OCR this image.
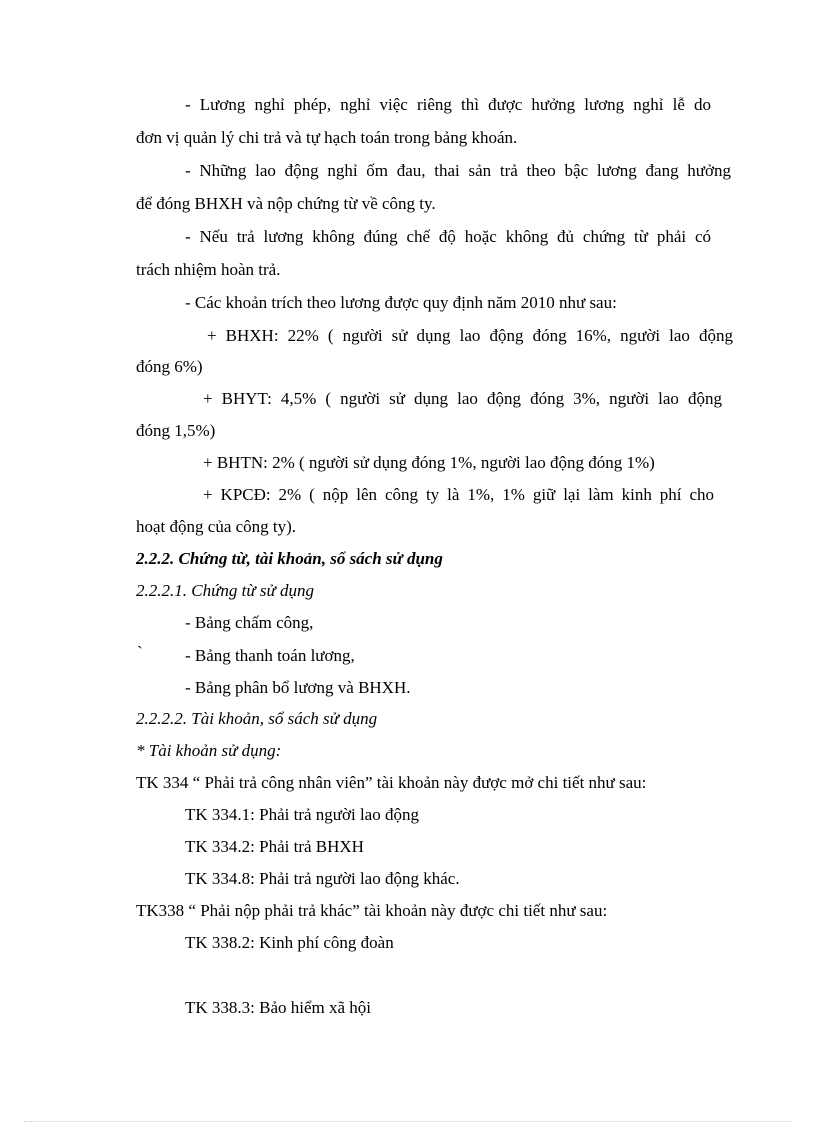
- Lương nghỉ phép, nghỉ việc riêng thì được hưởng lương nghỉ lễ do
đơn vị quản lý chi trả và tự hạch toán trong bảng khoán.
- Những lao động nghỉ ốm đau, thai sản trả theo bậc lương đang hưởng
để đóng BHXH và nộp chứng từ về công ty.
- Nếu trả lương không đúng chế độ hoặc không đủ chứng từ phải có
trách nhiệm hoàn trả.
- Các khoản trích theo lương được quy định năm 2010 như sau:
+ BHXH: 22% ( người sử dụng lao động đóng 16%, người lao động
đóng 6%)
+ BHYT: 4,5% ( người sử dụng lao động đóng 3%, người lao động
đóng 1,5%)
+ BHTN: 2% ( người sử dụng đóng 1%, người lao động đóng 1%)
+ KPCĐ: 2% ( nộp lên công ty là 1%, 1% giữ lại làm kinh phí cho
hoạt động của công ty).
2.2.2. Chứng từ, tài khoản, sổ sách sử dụng
2.2.2.1. Chứng từ sử dụng
- Bảng chấm công,
` - Bảng thanh toán lương,
- Bảng phân bổ lương và BHXH.
2.2.2.2. Tài khoản, sổ sách sử dụng
* Tài khoản sử dụng:
TK 334 “ Phải trả công nhân viên” tài khoản này được mở chi tiết như sau:
TK 334.1: Phải trả người lao động
TK 334.2: Phải trả BHXH
TK 334.8: Phải trả người lao động khác.
TK338 “ Phải nộp phải trả khác” tài khoản này được chi tiết như sau:
TK 338.2: Kinh phí công đoàn
TK 338.3: Bảo hiểm xã hội
